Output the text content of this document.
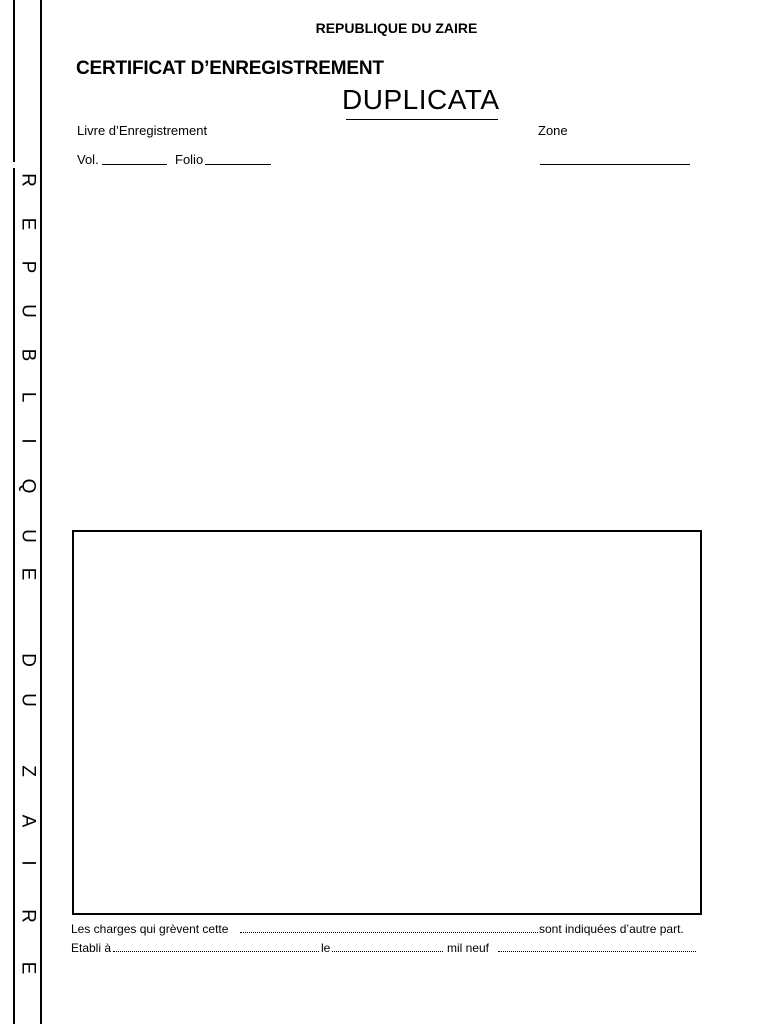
R
E
P
U
B
L
I
Q
U
E
D
U
Z
A
I
R
E
REPUBLIQUE DU ZAIRE
CERTIFICAT D’ENREGISTREMENT
DUPLICATA
Livre d’Enregistrement	Zone
Vol.	Folio
Les charges qui grèvent cette	sont indiquées d’autre part.
Etabli à	le	mil neuf
